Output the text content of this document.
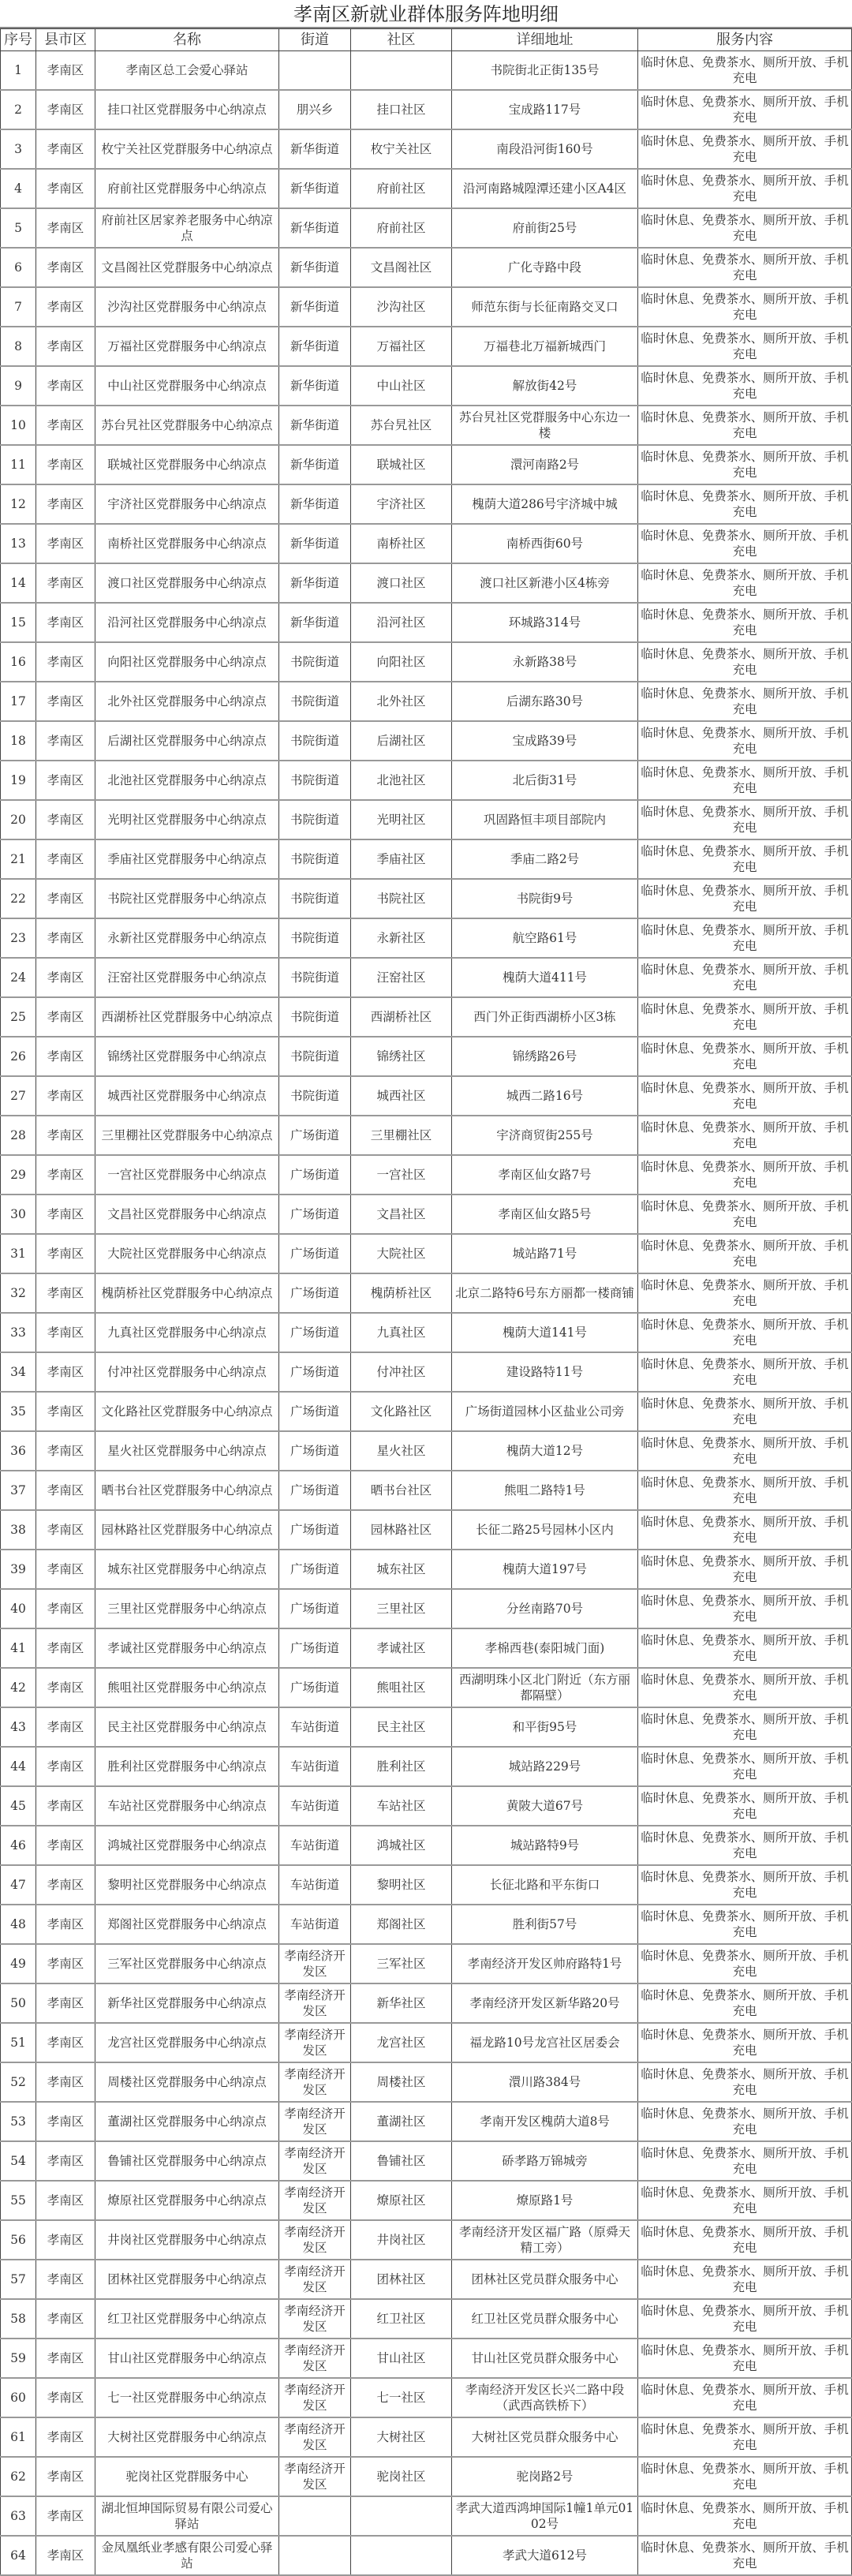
孝南区新就业群体服务阵地明细
序号	县市区	名称	街道	社区	详细地址	服务内容
1	孝南区	孝南区总工会爱心驿站			书院街北正街135号	临时休息、免费茶水、厕所开放、手机充电
2	孝南区	挂口社区党群服务中心纳凉点	朋兴乡	挂口社区	宝成路117号	临时休息、免费茶水、厕所开放、手机充电
3	孝南区	枚宁关社区党群服务中心纳凉点	新华街道	枚宁关社区	南段沿河街160号	临时休息、免费茶水、厕所开放、手机充电
4	孝南区	府前社区党群服务中心纳凉点	新华街道	府前社区	沿河南路城隍潭还建小区A4区	临时休息、免费茶水、厕所开放、手机充电
5	孝南区	府前社区居家养老服务中心纳凉点	新华街道	府前社区	府前街25号	临时休息、免费茶水、厕所开放、手机充电
6	孝南区	文昌阁社区党群服务中心纳凉点	新华街道	文昌阁社区	广化寺路中段	临时休息、免费茶水、厕所开放、手机充电
7	孝南区	沙沟社区党群服务中心纳凉点	新华街道	沙沟社区	师范东街与长征南路交叉口	临时休息、免费茶水、厕所开放、手机充电
8	孝南区	万福社区党群服务中心纳凉点	新华街道	万福社区	万福巷北万福新城西门	临时休息、免费茶水、厕所开放、手机充电
9	孝南区	中山社区党群服务中心纳凉点	新华街道	中山社区	解放街42号	临时休息、免费茶水、厕所开放、手机充电
10	孝南区	苏台旯社区党群服务中心纳凉点	新华街道	苏台旯社区	苏台旯社区党群服务中心东边一楼	临时休息、免费茶水、厕所开放、手机充电
11	孝南区	联城社区党群服务中心纳凉点	新华街道	联城社区	澴河南路2号	临时休息、免费茶水、厕所开放、手机充电
12	孝南区	宇济社区党群服务中心纳凉点	新华街道	宇济社区	槐荫大道286号宇济城中城	临时休息、免费茶水、厕所开放、手机充电
13	孝南区	南桥社区党群服务中心纳凉点	新华街道	南桥社区	南桥西街60号	临时休息、免费茶水、厕所开放、手机充电
14	孝南区	渡口社区党群服务中心纳凉点	新华街道	渡口社区	渡口社区新港小区4栋旁	临时休息、免费茶水、厕所开放、手机充电
15	孝南区	沿河社区党群服务中心纳凉点	新华街道	沿河社区	环城路314号	临时休息、免费茶水、厕所开放、手机充电
16	孝南区	向阳社区党群服务中心纳凉点	书院街道	向阳社区	永新路38号	临时休息、免费茶水、厕所开放、手机充电
17	孝南区	北外社区党群服务中心纳凉点	书院街道	北外社区	后湖东路30号	临时休息、免费茶水、厕所开放、手机充电
18	孝南区	后湖社区党群服务中心纳凉点	书院街道	后湖社区	宝成路39号	临时休息、免费茶水、厕所开放、手机充电
19	孝南区	北池社区党群服务中心纳凉点	书院街道	北池社区	北后街31号	临时休息、免费茶水、厕所开放、手机充电
20	孝南区	光明社区党群服务中心纳凉点	书院街道	光明社区	巩固路恒丰项目部院内	临时休息、免费茶水、厕所开放、手机充电
21	孝南区	季庙社区党群服务中心纳凉点	书院街道	季庙社区	季庙二路2号	临时休息、免费茶水、厕所开放、手机充电
22	孝南区	书院社区党群服务中心纳凉点	书院街道	书院社区	书院街9号	临时休息、免费茶水、厕所开放、手机充电
23	孝南区	永新社区党群服务中心纳凉点	书院街道	永新社区	航空路61号	临时休息、免费茶水、厕所开放、手机充电
24	孝南区	汪窑社区党群服务中心纳凉点	书院街道	汪窑社区	槐荫大道411号	临时休息、免费茶水、厕所开放、手机充电
25	孝南区	西湖桥社区党群服务中心纳凉点	书院街道	西湖桥社区	西门外正街西湖桥小区3栋	临时休息、免费茶水、厕所开放、手机充电
26	孝南区	锦绣社区党群服务中心纳凉点	书院街道	锦绣社区	锦绣路26号	临时休息、免费茶水、厕所开放、手机充电
27	孝南区	城西社区党群服务中心纳凉点	书院街道	城西社区	城西二路16号	临时休息、免费茶水、厕所开放、手机充电
28	孝南区	三里棚社区党群服务中心纳凉点	广场街道	三里棚社区	宇济商贸街255号	临时休息、免费茶水、厕所开放、手机充电
29	孝南区	一宫社区党群服务中心纳凉点	广场街道	一宫社区	孝南区仙女路7号	临时休息、免费茶水、厕所开放、手机充电
30	孝南区	文昌社区党群服务中心纳凉点	广场街道	文昌社区	孝南区仙女路5号	临时休息、免费茶水、厕所开放、手机充电
31	孝南区	大院社区党群服务中心纳凉点	广场街道	大院社区	城站路71号	临时休息、免费茶水、厕所开放、手机充电
32	孝南区	槐荫桥社区党群服务中心纳凉点	广场街道	槐荫桥社区	北京二路特6号东方丽都一楼商铺	临时休息、免费茶水、厕所开放、手机充电
33	孝南区	九真社区党群服务中心纳凉点	广场街道	九真社区	槐荫大道141号	临时休息、免费茶水、厕所开放、手机充电
34	孝南区	付冲社区党群服务中心纳凉点	广场街道	付冲社区	建设路特11号	临时休息、免费茶水、厕所开放、手机充电
35	孝南区	文化路社区党群服务中心纳凉点	广场街道	文化路社区	广场街道园林小区盐业公司旁	临时休息、免费茶水、厕所开放、手机充电
36	孝南区	星火社区党群服务中心纳凉点	广场街道	星火社区	槐荫大道12号	临时休息、免费茶水、厕所开放、手机充电
37	孝南区	晒书台社区党群服务中心纳凉点	广场街道	晒书台社区	熊咀二路特1号	临时休息、免费茶水、厕所开放、手机充电
38	孝南区	园林路社区党群服务中心纳凉点	广场街道	园林路社区	长征二路25号园林小区内	临时休息、免费茶水、厕所开放、手机充电
39	孝南区	城东社区党群服务中心纳凉点	广场街道	城东社区	槐荫大道197号	临时休息、免费茶水、厕所开放、手机充电
40	孝南区	三里社区党群服务中心纳凉点	广场街道	三里社区	分丝南路70号	临时休息、免费茶水、厕所开放、手机充电
41	孝南区	孝诚社区党群服务中心纳凉点	广场街道	孝诚社区	孝棉西巷(泰阳城门面)	临时休息、免费茶水、厕所开放、手机充电
42	孝南区	熊咀社区党群服务中心纳凉点	广场街道	熊咀社区	西湖明珠小区北门附近（东方丽都隔壁）	临时休息、免费茶水、厕所开放、手机充电
43	孝南区	民主社区党群服务中心纳凉点	车站街道	民主社区	和平街95号	临时休息、免费茶水、厕所开放、手机充电
44	孝南区	胜利社区党群服务中心纳凉点	车站街道	胜利社区	城站路229号	临时休息、免费茶水、厕所开放、手机充电
45	孝南区	车站社区党群服务中心纳凉点	车站街道	车站社区	黄陂大道67号	临时休息、免费茶水、厕所开放、手机充电
46	孝南区	鸿城社区党群服务中心纳凉点	车站街道	鸿城社区	城站路特9号	临时休息、免费茶水、厕所开放、手机充电
47	孝南区	黎明社区党群服务中心纳凉点	车站街道	黎明社区	长征北路和平东街口	临时休息、免费茶水、厕所开放、手机充电
48	孝南区	郑阁社区党群服务中心纳凉点	车站街道	郑阁社区	胜利街57号	临时休息、免费茶水、厕所开放、手机充电
49	孝南区	三军社区党群服务中心纳凉点	孝南经济开发区	三军社区	孝南经济开发区帅府路特1号	临时休息、免费茶水、厕所开放、手机充电
50	孝南区	新华社区党群服务中心纳凉点	孝南经济开发区	新华社区	孝南经济开发区新华路20号	临时休息、免费茶水、厕所开放、手机充电
51	孝南区	龙宫社区党群服务中心纳凉点	孝南经济开发区	龙宫社区	福龙路10号龙宫社区居委会	临时休息、免费茶水、厕所开放、手机充电
52	孝南区	周楼社区党群服务中心纳凉点	孝南经济开发区	周楼社区	澴川路384号	临时休息、免费茶水、厕所开放、手机充电
53	孝南区	董湖社区党群服务中心纳凉点	孝南经济开发区	董湖社区	孝南开发区槐荫大道8号	临时休息、免费茶水、厕所开放、手机充电
54	孝南区	鲁铺社区党群服务中心纳凉点	孝南经济开发区	鲁铺社区	硚孝路万锦城旁	临时休息、免费茶水、厕所开放、手机充电
55	孝南区	燎原社区党群服务中心纳凉点	孝南经济开发区	燎原社区	燎原路1号	临时休息、免费茶水、厕所开放、手机充电
56	孝南区	井岗社区党群服务中心纳凉点	孝南经济开发区	井岗社区	孝南经济开发区福广路（原舜天精工旁）	临时休息、免费茶水、厕所开放、手机充电
57	孝南区	团林社区党群服务中心纳凉点	孝南经济开发区	团林社区	团林社区党员群众服务中心	临时休息、免费茶水、厕所开放、手机充电
58	孝南区	红卫社区党群服务中心纳凉点	孝南经济开发区	红卫社区	红卫社区党员群众服务中心	临时休息、免费茶水、厕所开放、手机充电
59	孝南区	甘山社区党群服务中心纳凉点	孝南经济开发区	甘山社区	甘山社区党员群众服务中心	临时休息、免费茶水、厕所开放、手机充电
60	孝南区	七一社区党群服务中心纳凉点	孝南经济开发区	七一社区	孝南经济开发区长兴二路中段（武西高铁桥下）	临时休息、免费茶水、厕所开放、手机充电
61	孝南区	大树社区党群服务中心纳凉点	孝南经济开发区	大树社区	大树社区党员群众服务中心	临时休息、免费茶水、厕所开放、手机充电
62	孝南区	驼岗社区党群服务中心	孝南经济开发区	驼岗社区	驼岗路2号	临时休息、免费茶水、厕所开放、手机充电
63	孝南区	湖北恒坤国际贸易有限公司爱心驿站			孝武大道西鸿坤国际1幢1单元0102号	临时休息、免费茶水、厕所开放、手机充电
64	孝南区	金凤凰纸业孝感有限公司爱心驿站			孝武大道612号	临时休息、免费茶水、厕所开放、手机充电
